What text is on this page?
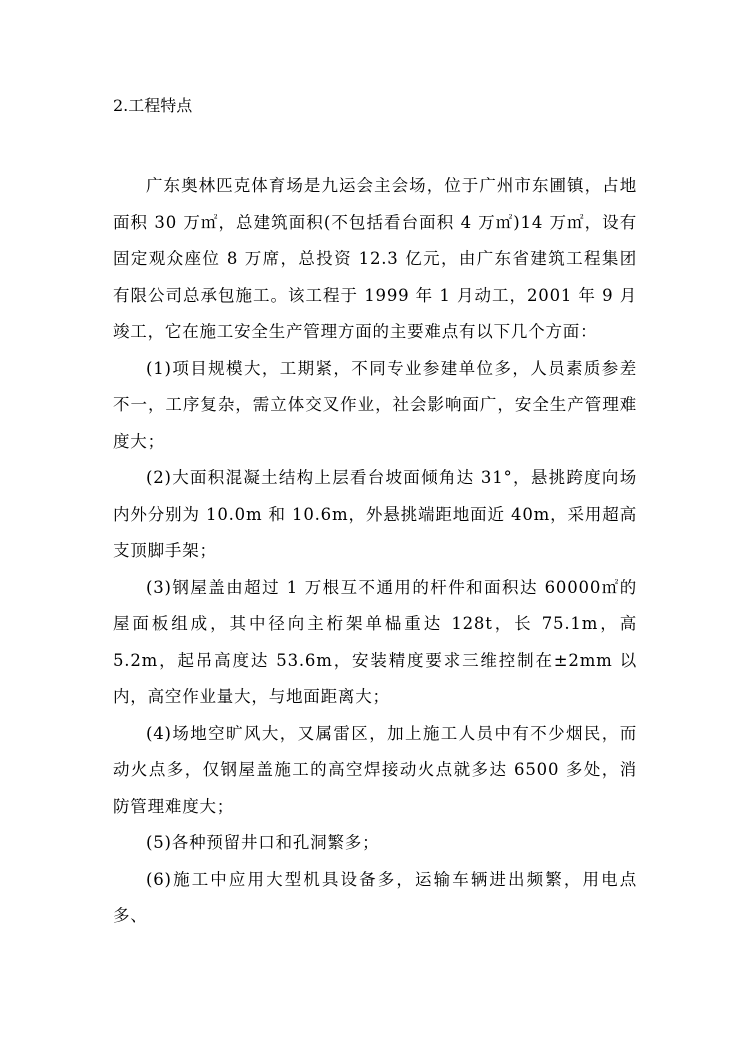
2.工程特点

广东奥林匹克体育场是九运会主会场，位于广州市东圃镇，占地面积 30 万㎡，总建筑面积(不包括看台面积 4 万㎡)14 万㎡，设有固定观众座位 8 万席，总投资 12.3 亿元，由广东省建筑工程集团有限公司总承包施工。该工程于 1999 年 1 月动工，2001 年 9 月竣工，它在施工安全生产管理方面的主要难点有以下几个方面：

(1)项目规模大，工期紧，不同专业参建单位多，人员素质参差不一，工序复杂，需立体交叉作业，社会影响面广，安全生产管理难度大；

(2)大面积混凝土结构上层看台坡面倾角达 31°，悬挑跨度向场内外分别为 10.0m 和 10.6m，外悬挑端距地面近 40m，采用超高支顶脚手架；

(3)钢屋盖由超过 1 万根互不通用的杆件和面积达 60000㎡的屋面板组成，其中径向主桁架单榀重达 128t，长 75.1m，高 5.2m，起吊高度达 53.6m，安装精度要求三维控制在±2mm 以内，高空作业量大，与地面距离大；

(4)场地空旷风大，又属雷区，加上施工人员中有不少烟民，而动火点多，仅钢屋盖施工的高空焊接动火点就多达 6500 多处，消防管理难度大；

(5)各种预留井口和孔洞繁多；

(6)施工中应用大型机具设备多，运输车辆进出频繁，用电点多、
